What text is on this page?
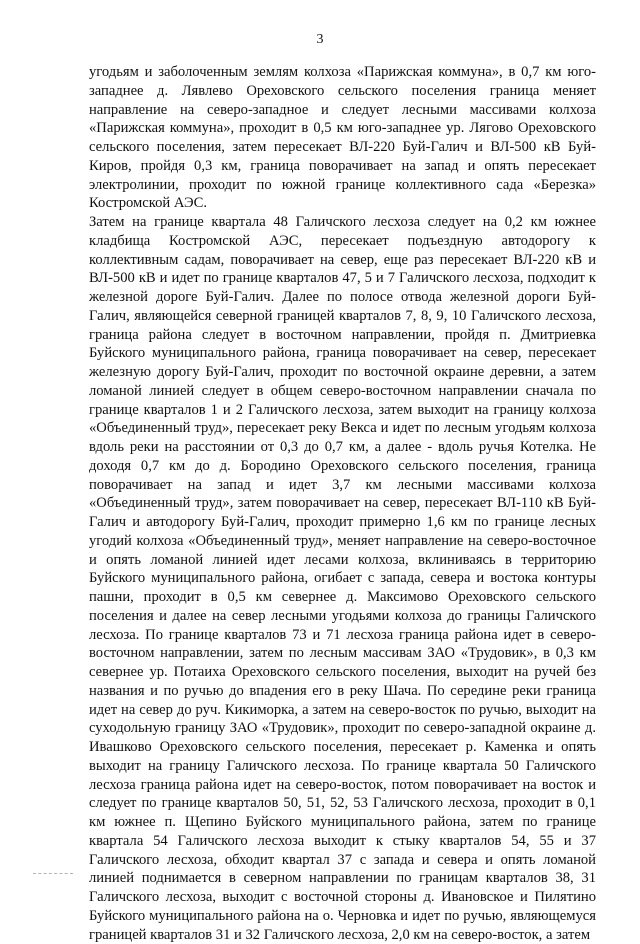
3

угодьям и заболоченным землям колхоза «Парижская коммуна», в 0,7 км юго-западнее д. Лявлево Ореховского сельского поселения граница меняет направление на северо-западное и следует лесными массивами колхоза «Парижская коммуна», проходит в 0,5 км юго-западнее ур. Лягово Ореховского сельского поселения, затем пересекает ВЛ-220 Буй-Галич и ВЛ-500 кВ Буй-Киров, пройдя 0,3 км, граница поворачивает на запад и опять пересекает электролинии, проходит по южной границе коллективного сада «Березка» Костромской АЭС.

Затем на границе квартала 48 Галичского лесхоза следует на 0,2 км южнее кладбища Костромской АЭС, пересекает подъездную автодорогу к коллективным садам, поворачивает на север, еще раз пересекает ВЛ-220 кВ и ВЛ-500 кВ и идет по границе кварталов 47, 5 и 7 Галичского лесхоза, подходит к железной дороге Буй-Галич. Далее по полосе отвода железной дороги Буй-Галич, являющейся северной границей кварталов 7, 8, 9, 10 Галичского лесхоза, граница района следует в восточном направлении, пройдя п. Дмитриевка Буйского муниципального района, граница поворачивает на север, пересекает железную дорогу Буй-Галич, проходит по восточной окраине деревни, а затем ломаной линией следует в общем северо-восточном направлении сначала по границе кварталов 1 и 2 Галичского лесхоза, затем выходит на границу колхоза «Объединенный труд», пересекает реку Векса и идет по лесным угодьям колхоза вдоль реки на расстоянии от 0,3 до 0,7 км, а далее - вдоль ручья Котелка. Не доходя 0,7 км до д. Бородино Ореховского сельского поселения, граница поворачивает на запад и идет 3,7 км лесными массивами колхоза «Объединенный труд», затем поворачивает на север, пересекает ВЛ-110 кВ Буй-Галич и автодорогу Буй-Галич, проходит примерно 1,6 км по границе лесных угодий колхоза «Объединенный труд», меняет направление на северо-восточное и опять ломаной линией идет лесами колхоза, вклиниваясь в территорию Буйского муниципального района, огибает с запада, севера и востока контуры пашни, проходит в 0,5 км севернее д. Максимово Ореховского сельского поселения и далее на север лесными угодьями колхоза до границы Галичского лесхоза. По границе кварталов 73 и 71 лесхоза граница района идет в северо-восточном направлении, затем по лесным массивам ЗАО «Трудовик», в 0,3 км севернее ур. Потаиха Ореховского сельского поселения, выходит на ручей без названия и по ручью до впадения его в реку Шача. По середине реки граница идет на север до руч. Кикиморка, а затем на северо-восток по ручью, выходит на суходольную границу ЗАО «Трудовик», проходит по северо-западной окраине д. Ивашково Ореховского сельского поселения, пересекает р. Каменка и опять выходит на границу Галичского лесхоза. По границе квартала 50 Галичского лесхоза граница района идет на северо-восток, потом поворачивает на восток и следует по границе кварталов 50, 51, 52, 53 Галичского лесхоза, проходит в 0,1 км южнее п. Щепино Буйского муниципального района, затем по границе квартала 54 Галичского лесхоза выходит к стыку кварталов 54, 55 и 37 Галичского лесхоза, обходит квартал 37 с запада и севера и опять ломаной линией поднимается в северном направлении по границам кварталов 38, 31 Галичского лесхоза, выходит с восточной стороны д. Ивановское и Пилятино Буйского муниципального района на о. Черновка и идет по ручью, являющемуся границей кварталов 31 и 32 Галичского лесхоза, 2,0 км на северо-восток, а затем
